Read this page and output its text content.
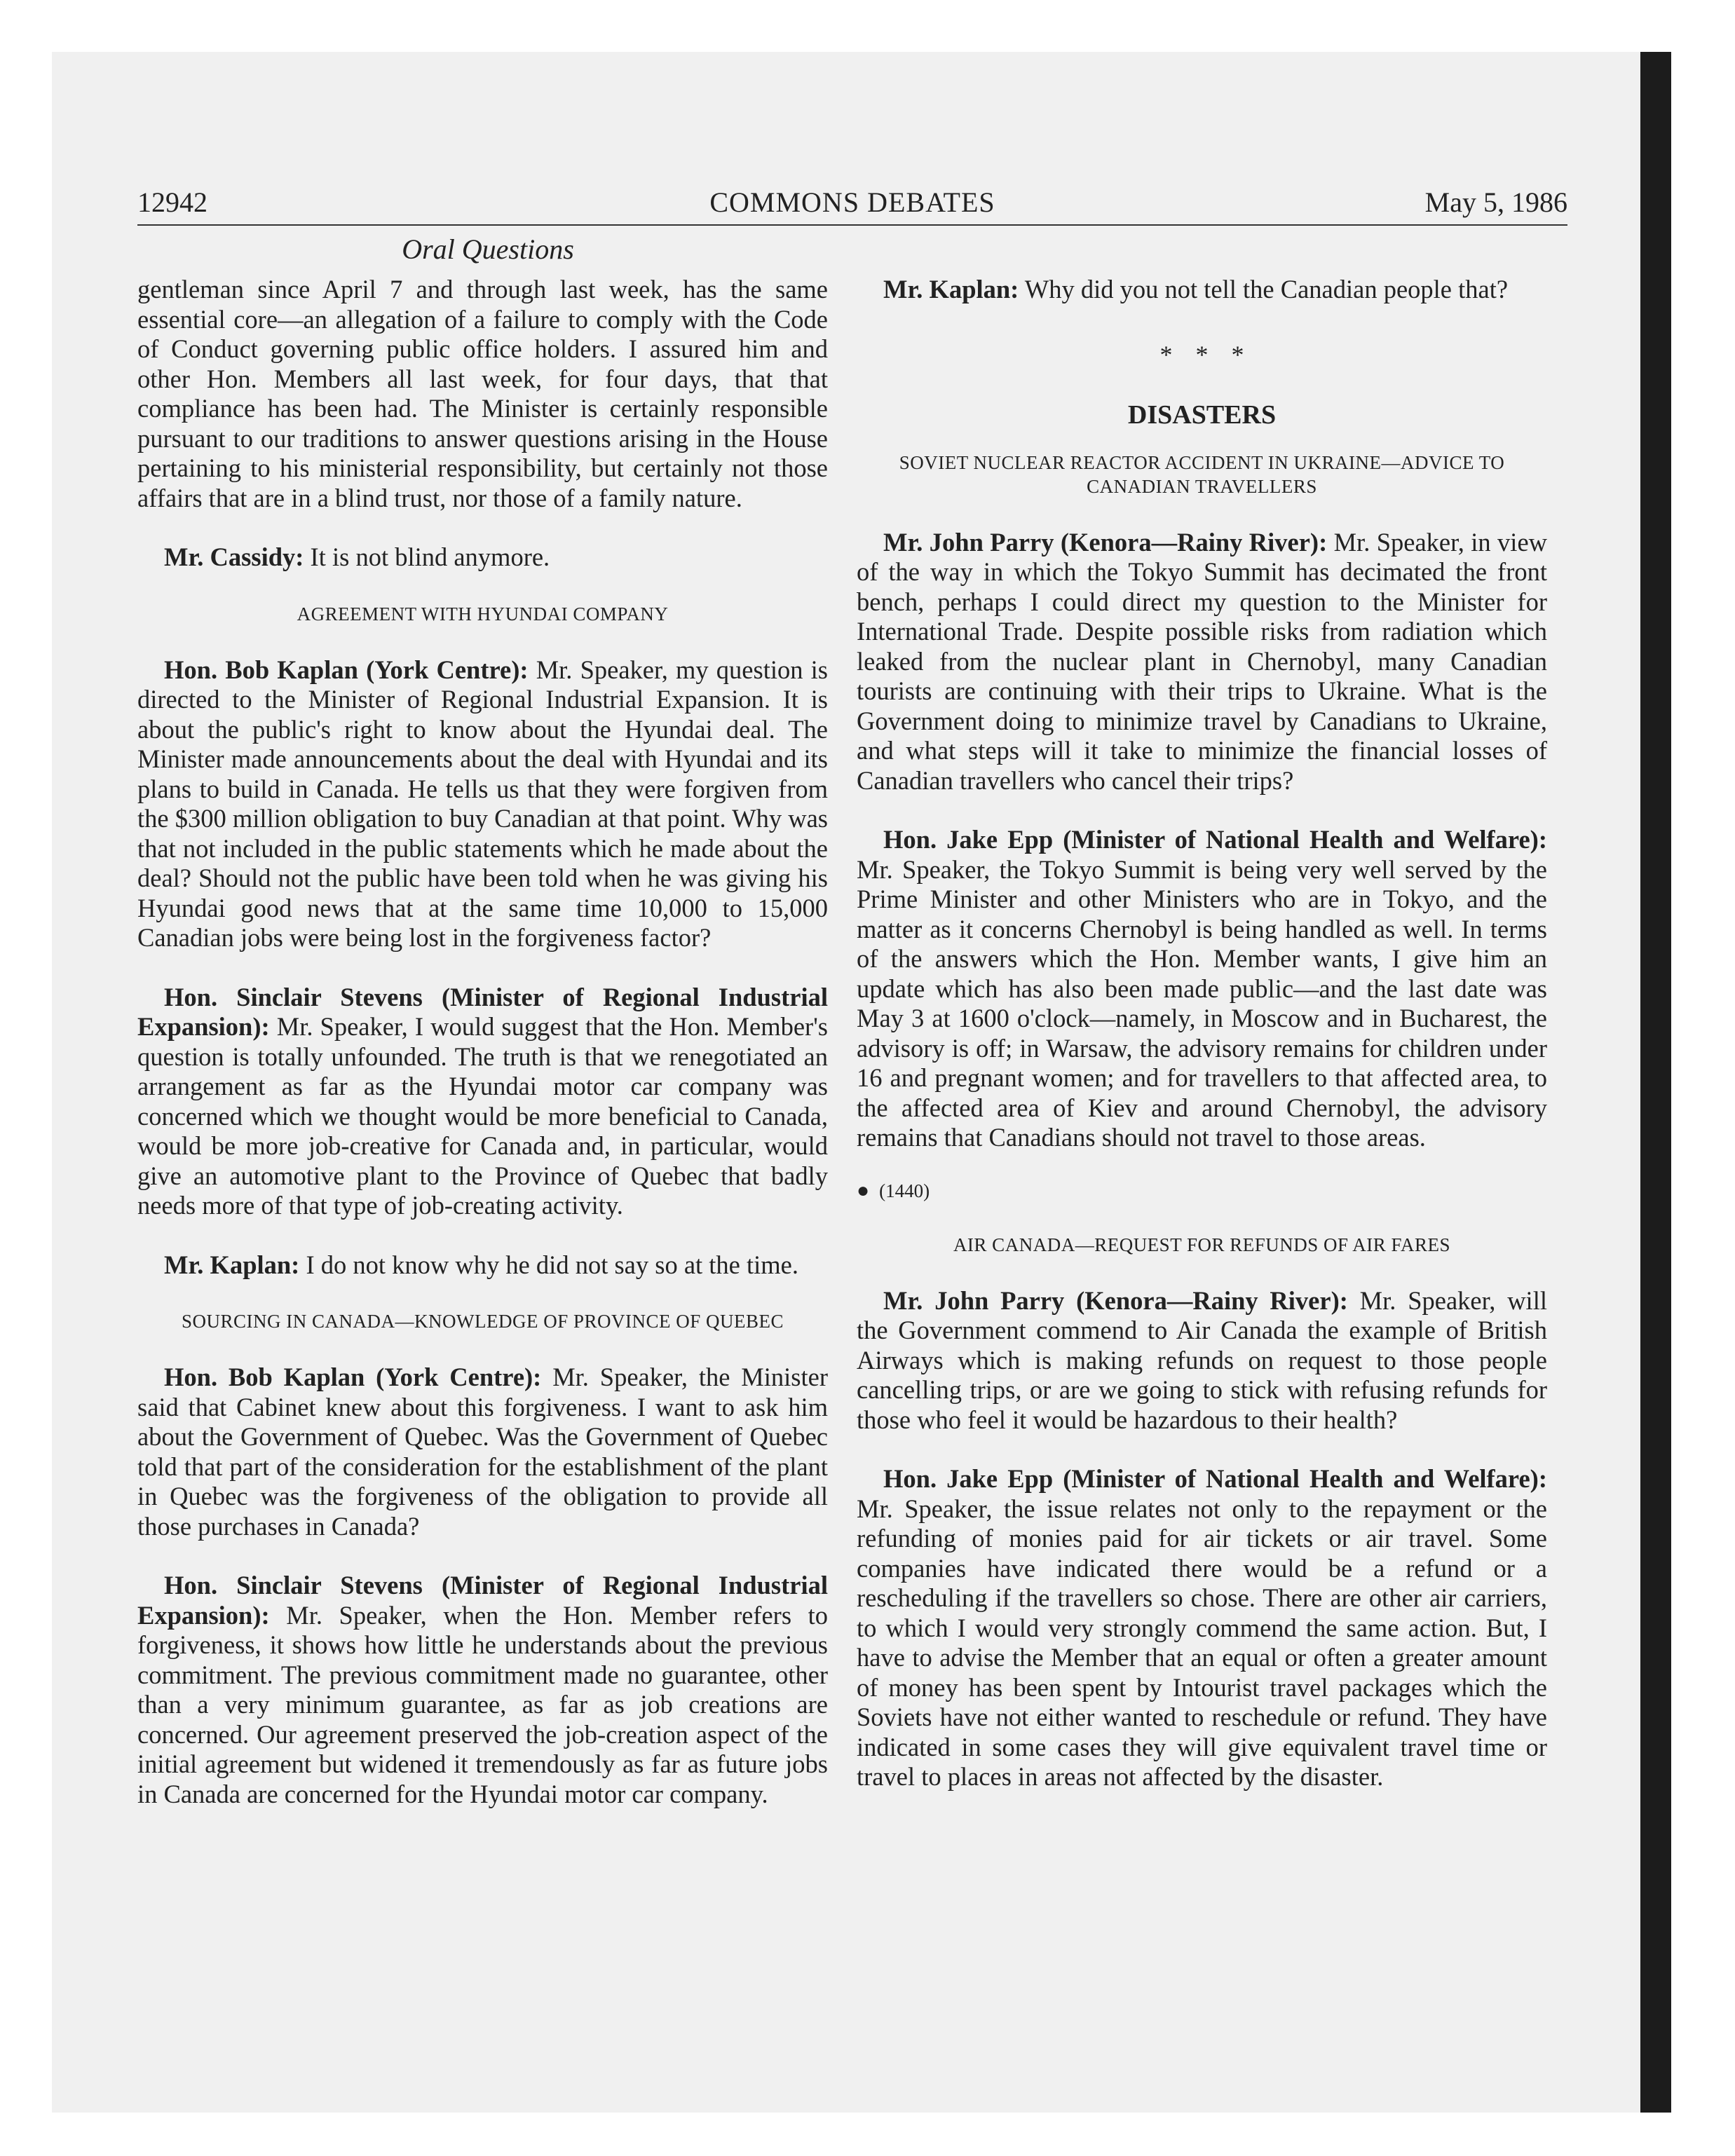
12942	COMMONS DEBATES	May 5, 1986
Oral Questions

gentleman since April 7 and through last week, has the same essential core—an allegation of a failure to comply with the Code of Conduct governing public office holders. I assured him and other Hon. Members all last week, for four days, that that compliance has been had. The Minister is certainly responsible pursuant to our traditions to answer questions arising in the House pertaining to his ministerial responsibility, but certainly not those affairs that are in a blind trust, nor those of a family nature.

Mr. Cassidy: It is not blind anymore.

AGREEMENT WITH HYUNDAI COMPANY

Hon. Bob Kaplan (York Centre): Mr. Speaker, my question is directed to the Minister of Regional Industrial Expansion. It is about the public's right to know about the Hyundai deal. The Minister made announcements about the deal with Hyundai and its plans to build in Canada. He tells us that they were forgiven from the $300 million obligation to buy Canadian at that point. Why was that not included in the public statements which he made about the deal? Should not the public have been told when he was giving his Hyundai good news that at the same time 10,000 to 15,000 Canadian jobs were being lost in the forgiveness factor?

Hon. Sinclair Stevens (Minister of Regional Industrial Expansion): Mr. Speaker, I would suggest that the Hon. Member's question is totally unfounded. The truth is that we renegotiated an arrangement as far as the Hyundai motor car company was concerned which we thought would be more beneficial to Canada, would be more job-creative for Canada and, in particular, would give an automotive plant to the Province of Quebec that badly needs more of that type of job-creating activity.

Mr. Kaplan: I do not know why he did not say so at the time.

SOURCING IN CANADA—KNOWLEDGE OF PROVINCE OF QUEBEC

Hon. Bob Kaplan (York Centre): Mr. Speaker, the Minister said that Cabinet knew about this forgiveness. I want to ask him about the Government of Quebec. Was the Government of Quebec told that part of the consideration for the establishment of the plant in Quebec was the forgiveness of the obligation to provide all those purchases in Canada?

Hon. Sinclair Stevens (Minister of Regional Industrial Expansion): Mr. Speaker, when the Hon. Member refers to forgiveness, it shows how little he understands about the previous commitment. The previous commitment made no guarantee, other than a very minimum guarantee, as far as job creations are concerned. Our agreement preserved the job-creation aspect of the initial agreement but widened it tremendously as far as future jobs in Canada are concerned for the Hyundai motor car company.

Mr. Kaplan: Why did you not tell the Canadian people that?

* * *
DISASTERS
SOVIET NUCLEAR REACTOR ACCIDENT IN UKRAINE—ADVICE TO CANADIAN TRAVELLERS

Mr. John Parry (Kenora—Rainy River): Mr. Speaker, in view of the way in which the Tokyo Summit has decimated the front bench, perhaps I could direct my question to the Minister for International Trade. Despite possible risks from radiation which leaked from the nuclear plant in Chernobyl, many Canadian tourists are continuing with their trips to Ukraine. What is the Government doing to minimize travel by Canadians to Ukraine, and what steps will it take to minimize the financial losses of Canadian travellers who cancel their trips?

Hon. Jake Epp (Minister of National Health and Welfare): Mr. Speaker, the Tokyo Summit is being very well served by the Prime Minister and other Ministers who are in Tokyo, and the matter as it concerns Chernobyl is being handled as well. In terms of the answers which the Hon. Member wants, I give him an update which has also been made public—and the last date was May 3 at 1600 o'clock—namely, in Moscow and in Bucharest, the advisory is off; in Warsaw, the advisory remains for children under 16 and pregnant women; and for travellers to that affected area, to the affected area of Kiev and around Chernobyl, the advisory remains that Canadians should not travel to those areas.

● (1440)
AIR CANADA—REQUEST FOR REFUNDS OF AIR FARES

Mr. John Parry (Kenora—Rainy River): Mr. Speaker, will the Government commend to Air Canada the example of British Airways which is making refunds on request to those people cancelling trips, or are we going to stick with refusing refunds for those who feel it would be hazardous to their health?

Hon. Jake Epp (Minister of National Health and Welfare): Mr. Speaker, the issue relates not only to the repayment or the refunding of monies paid for air tickets or air travel. Some companies have indicated there would be a refund or a rescheduling if the travellers so chose. There are other air carriers, to which I would very strongly commend the same action. But, I have to advise the Member that an equal or often a greater amount of money has been spent by Intourist travel packages which the Soviets have not either wanted to reschedule or refund. They have indicated in some cases they will give equivalent travel time or travel to places in areas not affected by the disaster.
